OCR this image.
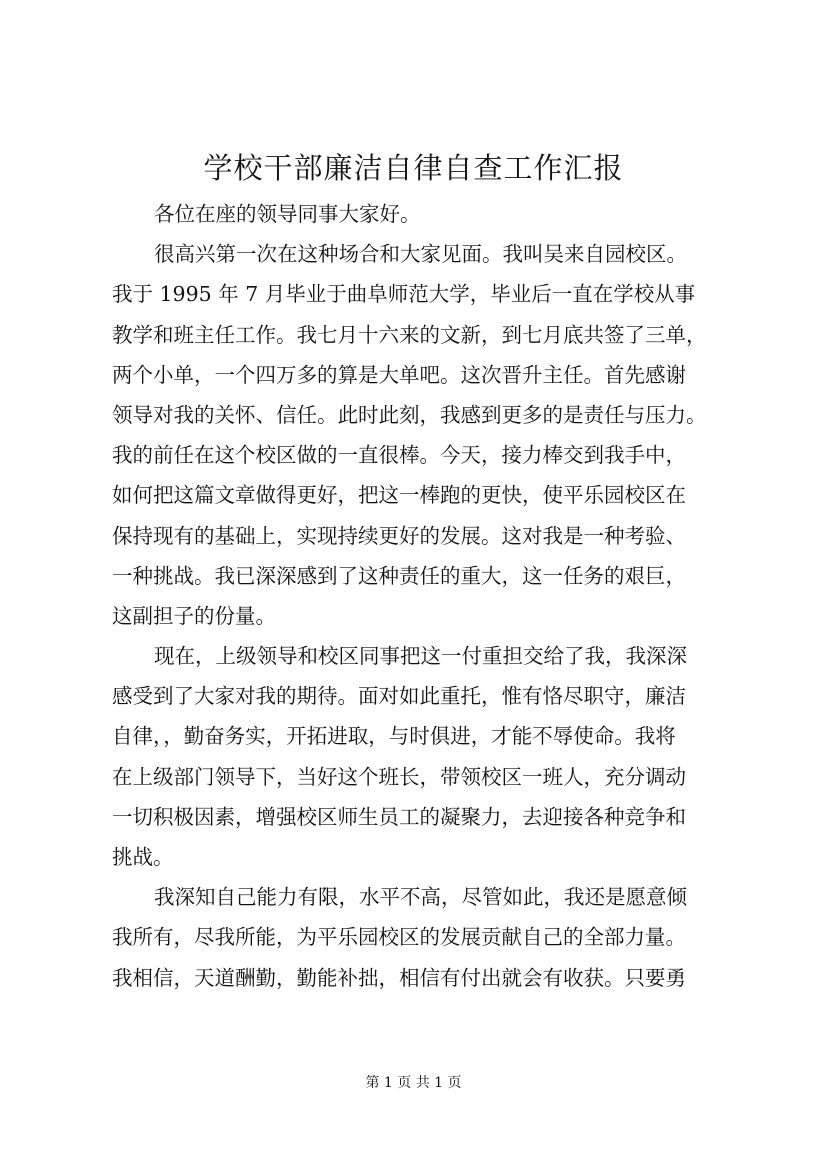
学校干部廉洁自律自查工作汇报
各位在座的领导同事大家好。
很高兴第一次在这种场合和大家见面。我叫吴来自园校区。
我于 1995 年 7 月毕业于曲阜师范大学，毕业后一直在学校从事
教学和班主任工作。我七月十六来的文新，到七月底共签了三单，
两个小单，一个四万多的算是大单吧。这次晋升主任。首先感谢
领导对我的关怀、信任。此时此刻，我感到更多的是责任与压力。
我的前任在这个校区做的一直很棒。今天，接力棒交到我手中，
如何把这篇文章做得更好，把这一棒跑的更快，使平乐园校区在
保持现有的基础上，实现持续更好的发展。这对我是一种考验、
一种挑战。我已深深感到了这种责任的重大，这一任务的艰巨，
这副担子的份量。
现在，上级领导和校区同事把这一付重担交给了我，我深深
感受到了大家对我的期待。面对如此重托，惟有恪尽职守，廉洁
自律，，勤奋务实，开拓进取，与时俱进，才能不辱使命。我将
在上级部门领导下，当好这个班长，带领校区一班人，充分调动
一切积极因素，增强校区师生员工的凝聚力，去迎接各种竞争和
挑战。
我深知自己能力有限，水平不高，尽管如此，我还是愿意倾
我所有，尽我所能，为平乐园校区的发展贡献自己的全部力量。
我相信，天道酬勤，勤能补拙，相信有付出就会有收获。只要勇
第 1 页 共 1 页
